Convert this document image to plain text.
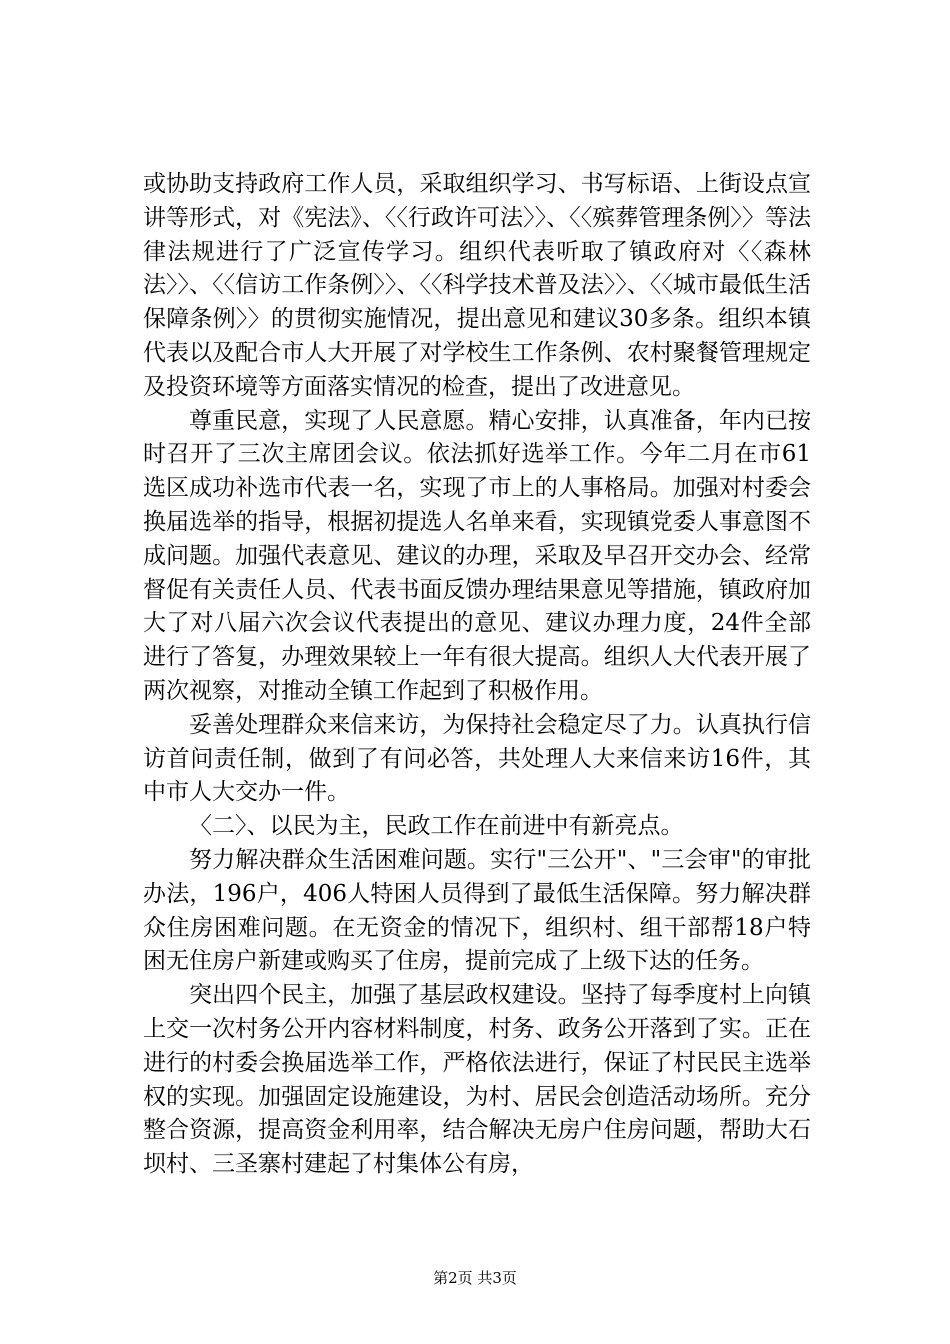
或协助支持政府工作人员，采取组织学习、书写标语、上街设点宣讲等形式，对《宪法》、〈〈行政许可法〉〉、〈〈殡葬管理条例〉〉等法律法规进行了广泛宣传学习。组织代表听取了镇政府对〈〈森林法〉〉、〈〈信访工作条例〉〉、〈〈科学技术普及法〉〉、〈〈城市最低生活保障条例〉〉的贯彻实施情况，提出意见和建议30多条。组织本镇代表以及配合市人大开展了对学校生工作条例、农村聚餐管理规定及投资环境等方面落实情况的检查，提出了改进意见。

尊重民意，实现了人民意愿。精心安排，认真准备，年内已按时召开了三次主席团会议。依法抓好选举工作。今年二月在市61选区成功补选市代表一名，实现了市上的人事格局。加强对村委会换届选举的指导，根据初提选人名单来看，实现镇党委人事意图不成问题。加强代表意见、建议的办理，采取及早召开交办会、经常督促有关责任人员、代表书面反馈办理结果意见等措施，镇政府加大了对八届六次会议代表提出的意见、建议办理力度，24件全部进行了答复，办理效果较上一年有很大提高。组织人大代表开展了两次视察，对推动全镇工作起到了积极作用。

妥善处理群众来信来访，为保持社会稳定尽了力。认真执行信访首问责任制，做到了有问必答，共处理人大来信来访16件，其中市人大交办一件。

〈二〉、以民为主，民政工作在前进中有新亮点。

努力解决群众生活困难问题。实行"三公开"、"三会审"的审批办法，196户，406人特困人员得到了最低生活保障。努力解决群众住房困难问题。在无资金的情况下，组织村、组干部帮18户特困无住房户新建或购买了住房，提前完成了上级下达的任务。

突出四个民主，加强了基层政权建设。坚持了每季度村上向镇上交一次村务公开内容材料制度，村务、政务公开落到了实。正在进行的村委会换届选举工作，严格依法进行，保证了村民民主选举权的实现。加强固定设施建设，为村、居民会创造活动场所。充分整合资源，提高资金利用率，结合解决无房户住房问题，帮助大石坝村、三圣寨村建起了村集体公有房，

第2页 共3页
